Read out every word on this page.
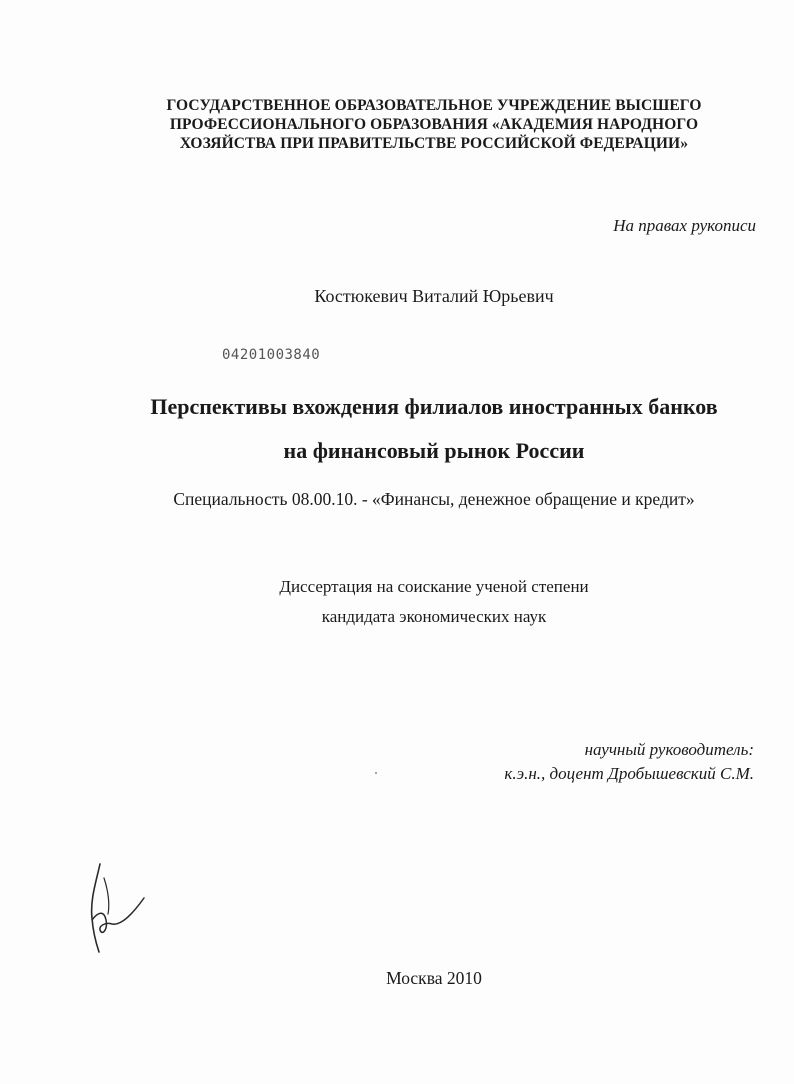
ГОСУДАРСТВЕННОЕ ОБРАЗОВАТЕЛЬНОЕ УЧРЕЖДЕНИЕ ВЫСШЕГО
ПРОФЕССИОНАЛЬНОГО ОБРАЗОВАНИЯ «АКАДЕМИЯ НАРОДНОГО
ХОЗЯЙСТВА ПРИ ПРАВИТЕЛЬСТВЕ РОССИЙСКОЙ ФЕДЕРАЦИИ»
На правах рукописи
Костюкевич Виталий Юрьевич
04201003840
Перспективы вхождения филиалов иностранных банков
на финансовый рынок России
Специальность 08.00.10. - «Финансы, денежное обращение и кредит»
Диссертация на соискание ученой степени
кандидата экономических наук
научный руководитель:
к.э.н., доцент Дробышевский С.М.
Москва 2010
